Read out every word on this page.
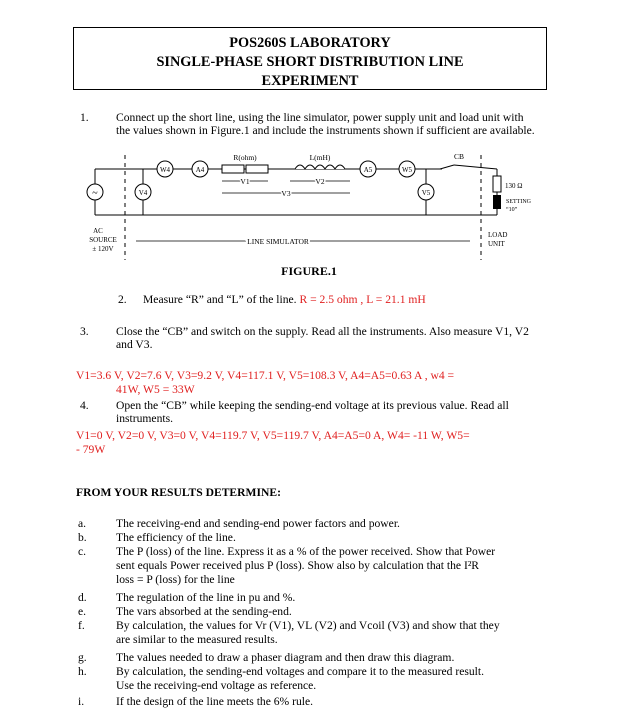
POS260S LABORATORY
SINGLE-PHASE SHORT DISTRIBUTION LINE
EXPERIMENT
1. Connect up the short line, using the line simulator, power supply unit and load unit with the values shown in Figure.1 and include the instruments shown if sufficient are available.
~
W4	A4
V4
R(ohm)	L(mH)
A5	W5
V5
CB
V1	V2
V3
130 Ω
SETTING
“10”
LINE SIMULATOR
AC
SOURCE
± 120V
LOAD
UNIT
FIGURE.1
2. Measure “R” and “L” of the line. R = 2.5 ohm , L = 21.1 mH
3. Close the “CB” and switch on the supply. Read all the instruments. Also measure V1, V2 and V3.
V1=3.6 V, V2=7.6 V, V3=9.2 V, V4=117.1 V, V5=108.3 V, A4=A5=0.63 A , w4 =
41W, W5 = 33W
4. Open the “CB” while keeping the sending-end voltage at its previous value. Read all instruments.
V1=0 V, V2=0 V, V3=0 V, V4=119.7 V, V5=119.7 V, A4=A5=0 A, W4= -11 W, W5=
- 79W
FROM YOUR RESULTS DETERMINE:
a.	The receiving-end and sending-end power factors and power.
b.	The efficiency of the line.
c.	The P (loss) of the line. Express it as a % of the power received. Show that Power
sent equals Power received plus P (loss). Show also by calculation that the I²R
loss = P (loss) for the line
d.	The regulation of the line in pu and %.
e.	The vars absorbed at the sending-end.
f.	By calculation, the values for Vr (V1), VL (V2) and Vcoil (V3) and show that they
are similar to the measured results.
g.	The values needed to draw a phaser diagram and then draw this diagram.
h.	By calculation, the sending-end voltages and compare it to the measured result.
Use the receiving-end voltage as reference.
i.	If the design of the line meets the 6% rule.
